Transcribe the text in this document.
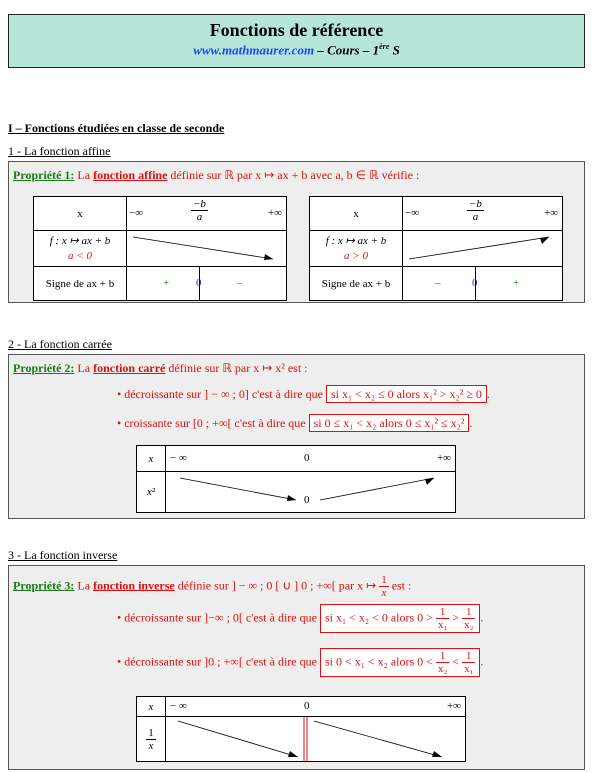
Fonctions de référence
www.mathmaurer.com – Cours – 1ère S
I – Fonctions étudiées en classe de seconde
1 - La fonction affine
Propriété 1: La fonction affine définie sur ℝ par x ↦ ax + b avec a, b ∈ ℝ vérifie :
x	−∞ $\frac{-b}{a}$ +∞

f : x ↦ ax + b
a < 0

Signe de ax + b	+ 0 –
x	−∞ $\frac{-b}{a}$ +∞

f : x ↦ ax + b
a > 0

Signe de ax + b	– 0 +
2 - La fonction carrée
Propriété 2: La fonction carré définie sur ℝ par x ↦ x² est :
• décroissante sur ] − ∞ ; 0] c'est à dire que si x₁ < x₂ ≤ 0 alors x₁² > x₂² ≥ 0 .
• croissante sur [0 ; +∞[ c'est à dire que si 0 ≤ x₁ < x₂ alors 0 ≤ x₁² ≤ x₂² .
x	− ∞ 0 +∞

x²	0
3 - La fonction inverse
Propriété 3: La fonction inverse définie sur ] − ∞ ; 0 [ ∪ ] 0 ; +∞[ par x ↦ $\frac{1}{x}$ est :
• décroissante sur ]−∞ ; 0[ c'est à dire que si x₁ < x₂ < 0 alors $0 > \frac{1}{\text{x₁}} > \frac{1}{\text{x₂}}$ .
• décroissante sur ]0 ; +∞[ c'est à dire que si 0 < x₁ < x₂ alors $0 < \frac{1}{\text{x₂}} < \frac{1}{\text{x₁}}$ .
x	− ∞ 0 +∞

$\frac{1}{x}$
